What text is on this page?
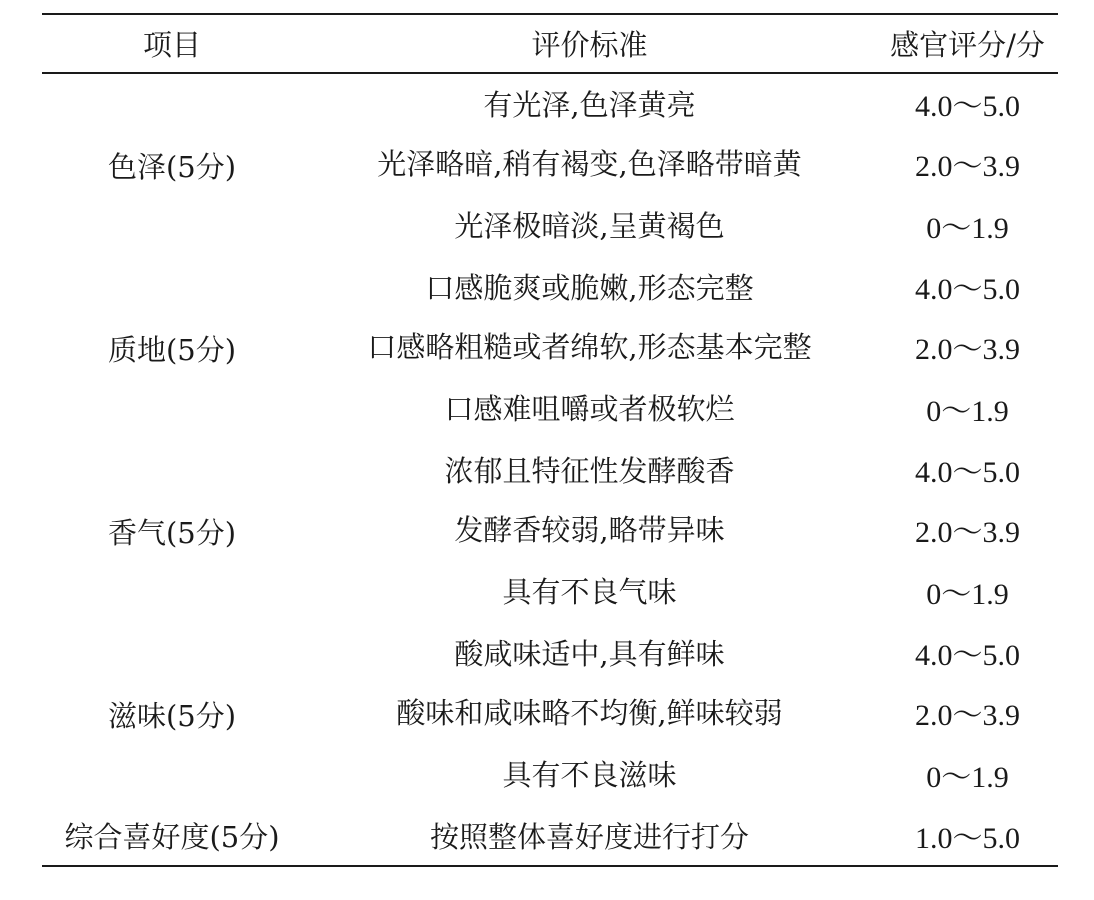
项目	评价标准	感官评分/分
色泽(5分)	有光泽,色泽黄亮	4.0～5.0
	光泽略暗,稍有褐变,色泽略带暗黄	2.0～3.9
	光泽极暗淡,呈黄褐色	0～1.9
质地(5分)	口感脆爽或脆嫩,形态完整	4.0～5.0
	口感略粗糙或者绵软,形态基本完整	2.0～3.9
	口感难咀嚼或者极软烂	0～1.9
香气(5分)	浓郁且特征性发酵酸香	4.0～5.0
	发酵香较弱,略带异味	2.0～3.9
	具有不良气味	0～1.9
滋味(5分)	酸咸味适中,具有鲜味	4.0～5.0
	酸味和咸味略不均衡,鲜味较弱	2.0～3.9
	具有不良滋味	0～1.9
综合喜好度(5分)	按照整体喜好度进行打分	1.0～5.0
